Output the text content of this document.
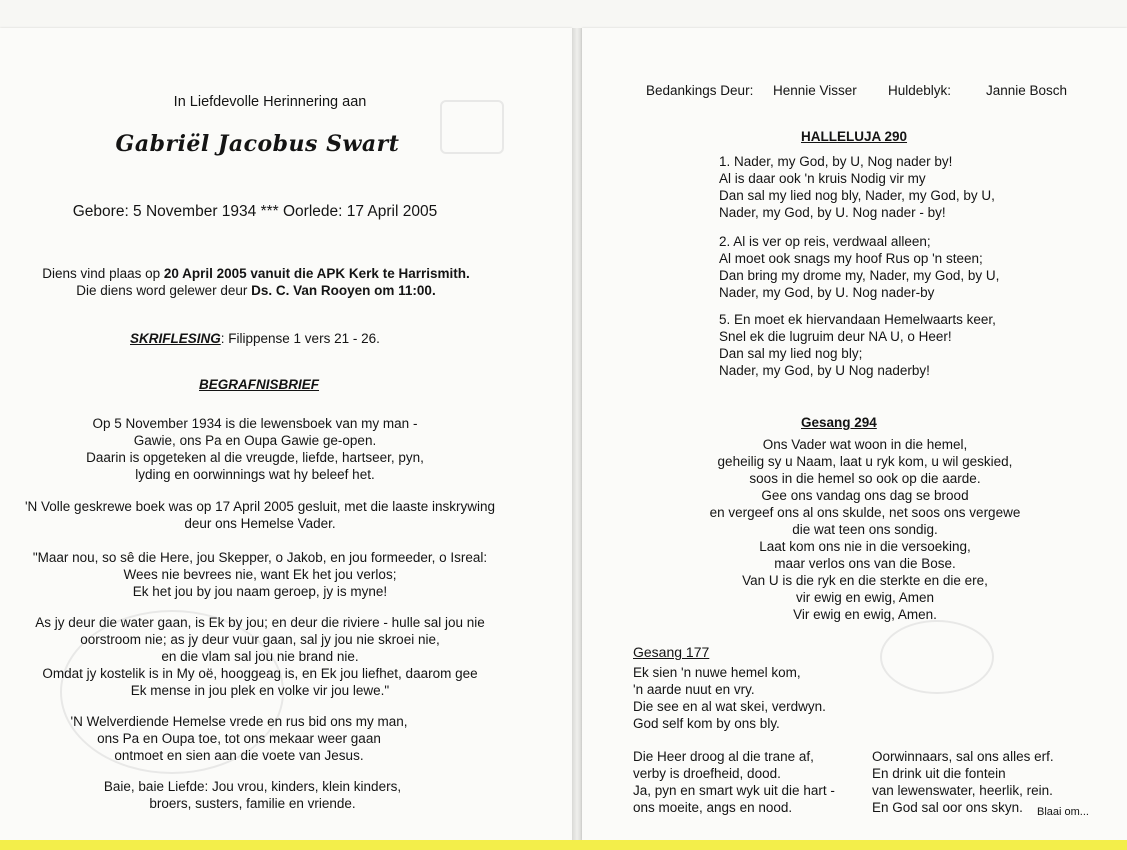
In Liefdevolle Herinnering aan
Gabriël Jacobus Swart
Gebore: 5 November 1934 *** Oorlede: 17 April 2005
Diens vind plaas op 20 April 2005 vanuit die APK Kerk te Harrismith.
Die diens word gelewer deur Ds. C. Van Rooyen om 11:00.
SKRIFLESING: Filippense 1 vers 21 - 26.
BEGRAFNISBRIEF
Op 5 November 1934 is die lewensboek van my man -
Gawie, ons Pa en Oupa Gawie ge-open.
Daarin is opgeteken al die vreugde, liefde, hartseer, pyn,
lyding en oorwinnings wat hy beleef het.
'N Volle geskrewe boek was op 17 April 2005 gesluit, met die laaste inskrywing
deur ons Hemelse Vader.
"Maar nou, so sê die Here, jou Skepper, o Jakob, en jou formeeder, o Isreal:
Wees nie bevrees nie, want Ek het jou verlos;
Ek het jou by jou naam geroep, jy is myne!
As jy deur die water gaan, is Ek by jou; en deur die riviere - hulle sal jou nie
oorstroom nie; as jy deur vuur gaan, sal jy jou nie skroei nie,
en die vlam sal jou nie brand nie.
Omdat jy kostelik is in My oë, hooggeag is, en Ek jou liefhet, daarom gee
Ek mense in jou plek en volke vir jou lewe."
'N Welverdiende Hemelse vrede en rus bid ons my man,
ons Pa en Oupa toe, tot ons mekaar weer gaan
ontmoet en sien aan die voete van Jesus.
Baie, baie Liefde: Jou vrou, kinders, klein kinders,
broers, susters, familie en vriende.
Bedankings Deur: Hennie Visser Huldeblyk:	Jannie Bosch
HALLELUJA 290
1. Nader, my God, by U, Nog nader by!
Al is daar ook 'n kruis Nodig vir my
Dan sal my lied nog bly, Nader, my God, by U,
Nader, my God, by U. Nog nader - by!
2. Al is ver op reis, verdwaal alleen;
Al moet ook snags my hoof Rus op 'n steen;
Dan bring my drome my, Nader, my God, by U,
Nader, my God, by U. Nog nader-by
5. En moet ek hiervandaan Hemelwaarts keer,
Snel ek die lugruim deur NA U, o Heer!
Dan sal my lied nog bly;
Nader, my God, by U Nog naderby!
Gesang 294
Ons Vader wat woon in die hemel,
geheilig sy u Naam, laat u ryk kom, u wil geskied,
soos in die hemel so ook op die aarde.
Gee ons vandag ons dag se brood
en vergeef ons al ons skulde, net soos ons vergewe
die wat teen ons sondig.
Laat kom ons nie in die versoeking,
maar verlos ons van die Bose.
Van U is die ryk en die sterkte en die ere,
vir ewig en ewig, Amen
Vir ewig en ewig, Amen.
Gesang 177
Ek sien 'n nuwe hemel kom,
'n aarde nuut en vry.
Die see en al wat skei, verdwyn.
God self kom by ons bly.
Die Heer droog al die trane af,
verby is droefheid, dood.
Ja, pyn en smart wyk uit die hart -
ons moeite, angs en nood.
Oorwinnaars, sal ons alles erf.
En drink uit die fontein
van lewenswater, heerlik, rein.
En God sal oor ons skyn.	Blaai om...
